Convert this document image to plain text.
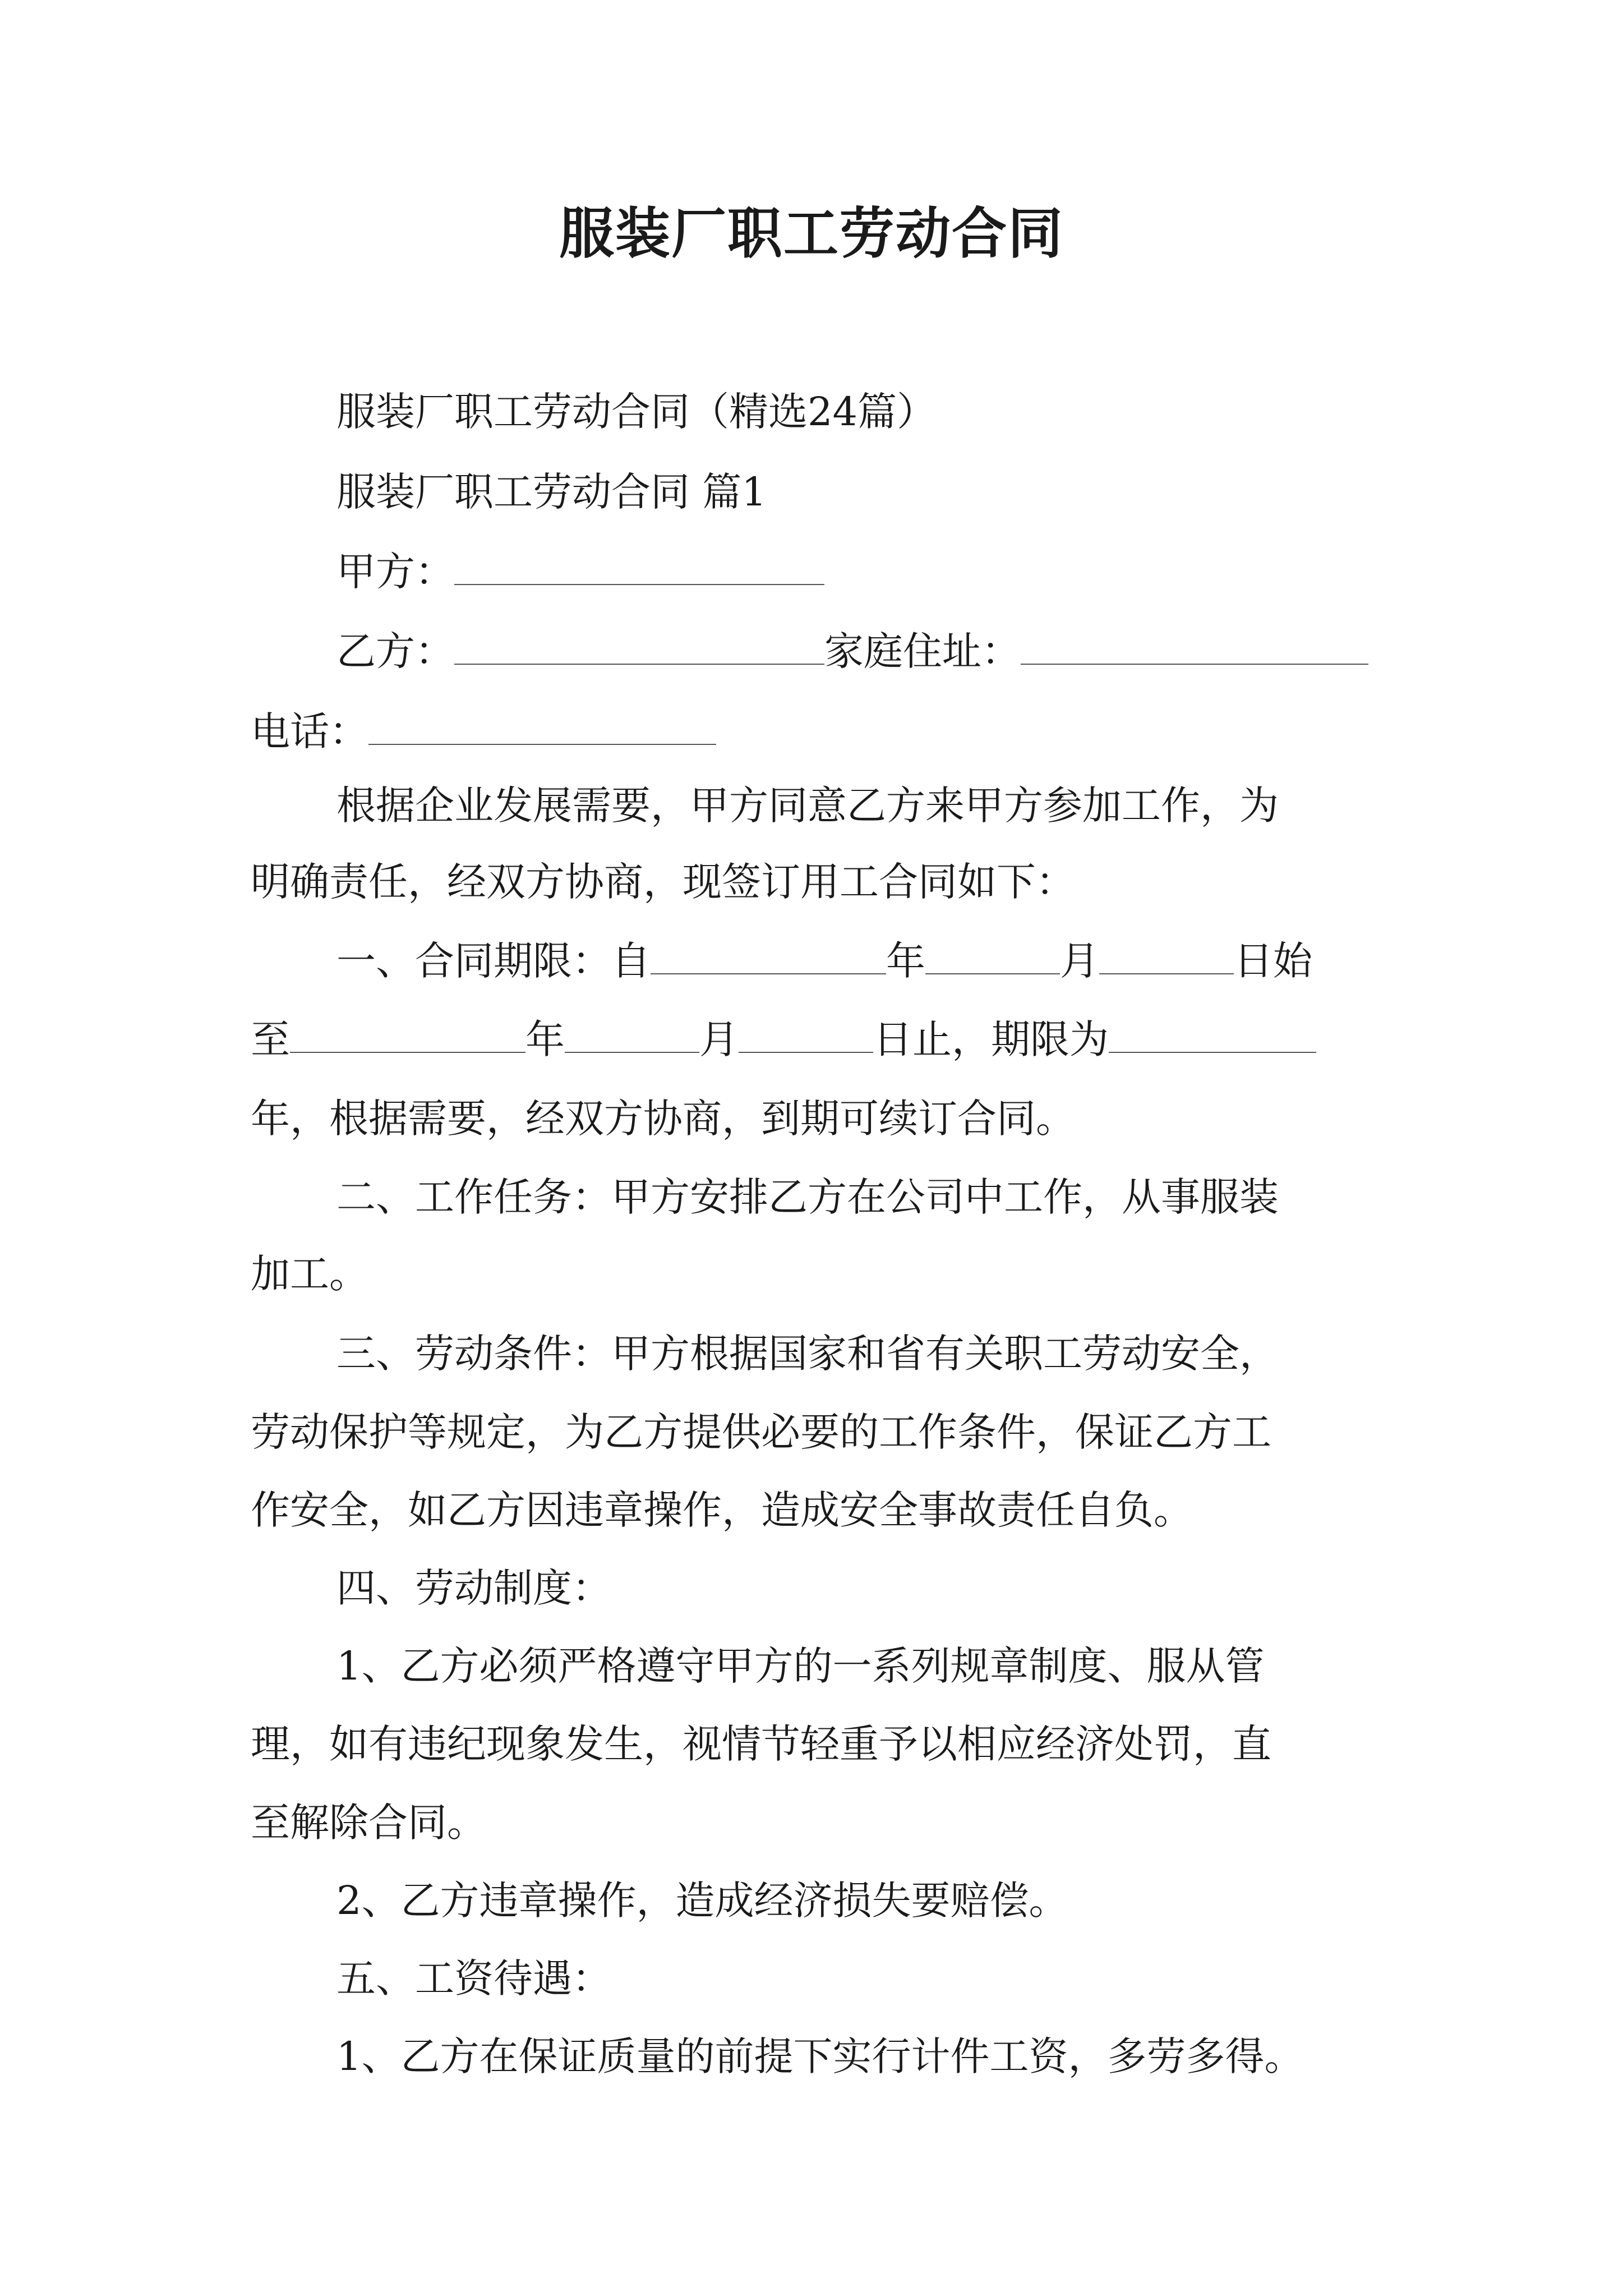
服装厂职工劳动合同
服装厂职工劳动合同（精选24篇）
服装厂职工劳动合同 篇1
甲方：
乙方：	家庭住址：
电话：
根据企业发展需要，甲方同意乙方来甲方参加工作，为
明确责任，经双方协商，现签订用工合同如下：
一、合同期限：自	年	月	日始
至	年	月	日止，期限为
年，根据需要，经双方协商，到期可续订合同。
二、工作任务：甲方安排乙方在公司中工作，从事服装
加工。
三、劳动条件：甲方根据国家和省有关职工劳动安全，
劳动保护等规定，为乙方提供必要的工作条件，保证乙方工
作安全，如乙方因违章操作，造成安全事故责任自负。
四、劳动制度：
1、乙方必须严格遵守甲方的一系列规章制度、服从管
理，如有违纪现象发生，视情节轻重予以相应经济处罚，直
至解除合同。
2、乙方违章操作，造成经济损失要赔偿。
五、工资待遇：
1、乙方在保证质量的前提下实行计件工资，多劳多得。
